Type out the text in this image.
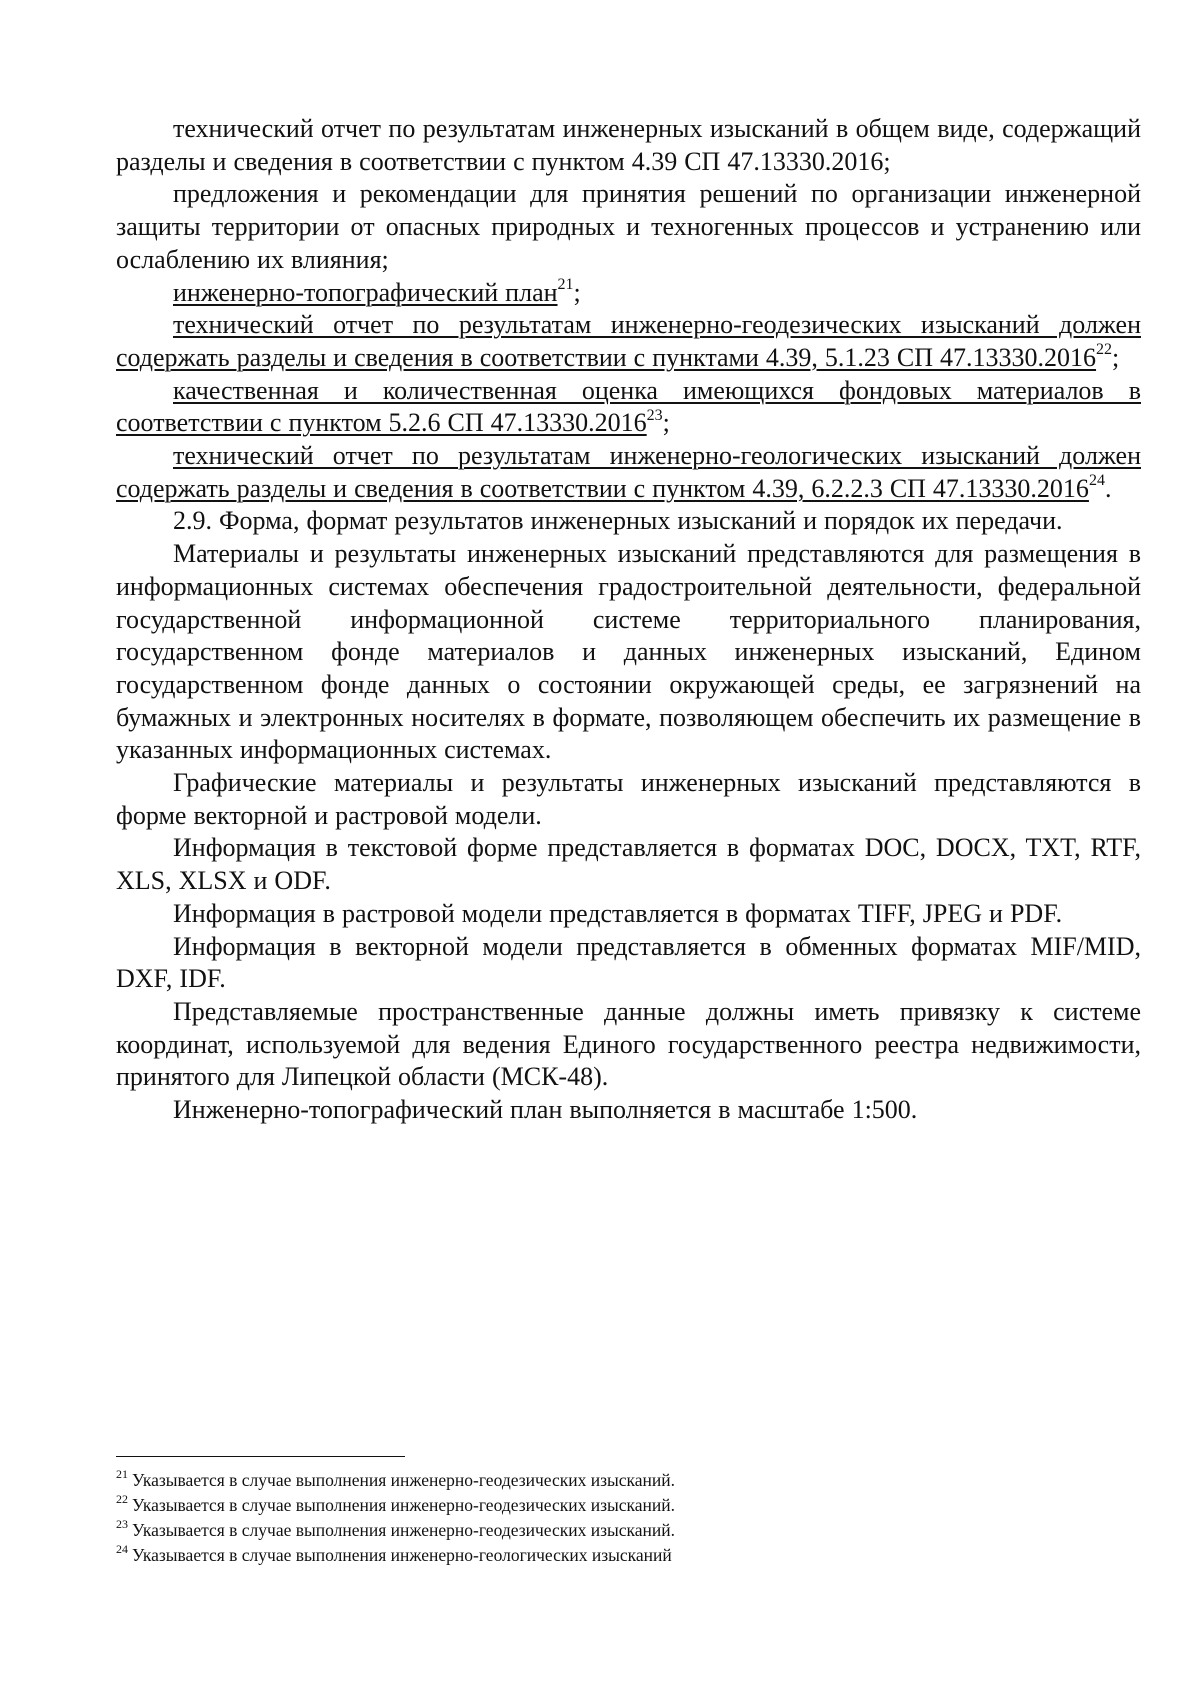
технический отчет по результатам инженерных изысканий в общем виде, содержащий разделы и сведения в соответствии с пунктом 4.39 СП 47.13330.2016;

предложения и рекомендации для принятия решений по организации инженерной защиты территории от опасных природных и техногенных процессов и устранению или ослаблению их влияния;

инженерно-топографический план$^{21}$;

технический отчет по результатам инженерно-геодезических изысканий должен содержать разделы и сведения в соответствии с пунктами 4.39, 5.1.23 СП 47.13330.2016$^{22}$;

качественная и количественная оценка имеющихся фондовых материалов в соответствии с пунктом 5.2.6 СП 47.13330.2016$^{23}$;

технический отчет по результатам инженерно-геологических изысканий должен содержать разделы и сведения в соответствии с пунктом 4.39, 6.2.2.3 СП 47.13330.2016$^{24}$.

2.9. Форма, формат результатов инженерных изысканий и порядок их передачи.

Материалы и результаты инженерных изысканий представляются для размещения в информационных системах обеспечения градостроительной деятельности, федеральной государственной информационной системе территориального планирования, государственном фонде материалов и данных инженерных изысканий, Едином государственном фонде данных о состоянии окружающей среды, ее загрязнений на бумажных и электронных носителях в формате, позволяющем обеспечить их размещение в указанных информационных системах.

Графические материалы и результаты инженерных изысканий представляются в форме векторной и растровой модели.

Информация в текстовой форме представляется в форматах DOC, DOCX, TXT, RTF, XLS, XLSX и ODF.

Информация в растровой модели представляется в форматах TIFF, JPEG и PDF.

Информация в векторной модели представляется в обменных форматах MIF/MID, DXF, IDF.

Представляемые пространственные данные должны иметь привязку к системе координат, используемой для ведения Единого государственного реестра недвижимости, принятого для Липецкой области (МСК-48).

Инженерно-топографический план выполняется в масштабе 1:500.

$^{21}$ Указывается в случае выполнения инженерно-геодезических изысканий.

$^{22}$ Указывается в случае выполнения инженерно-геодезических изысканий.

$^{23}$ Указывается в случае выполнения инженерно-геодезических изысканий.

$^{24}$ Указывается в случае выполнения инженерно-геологических изысканий
